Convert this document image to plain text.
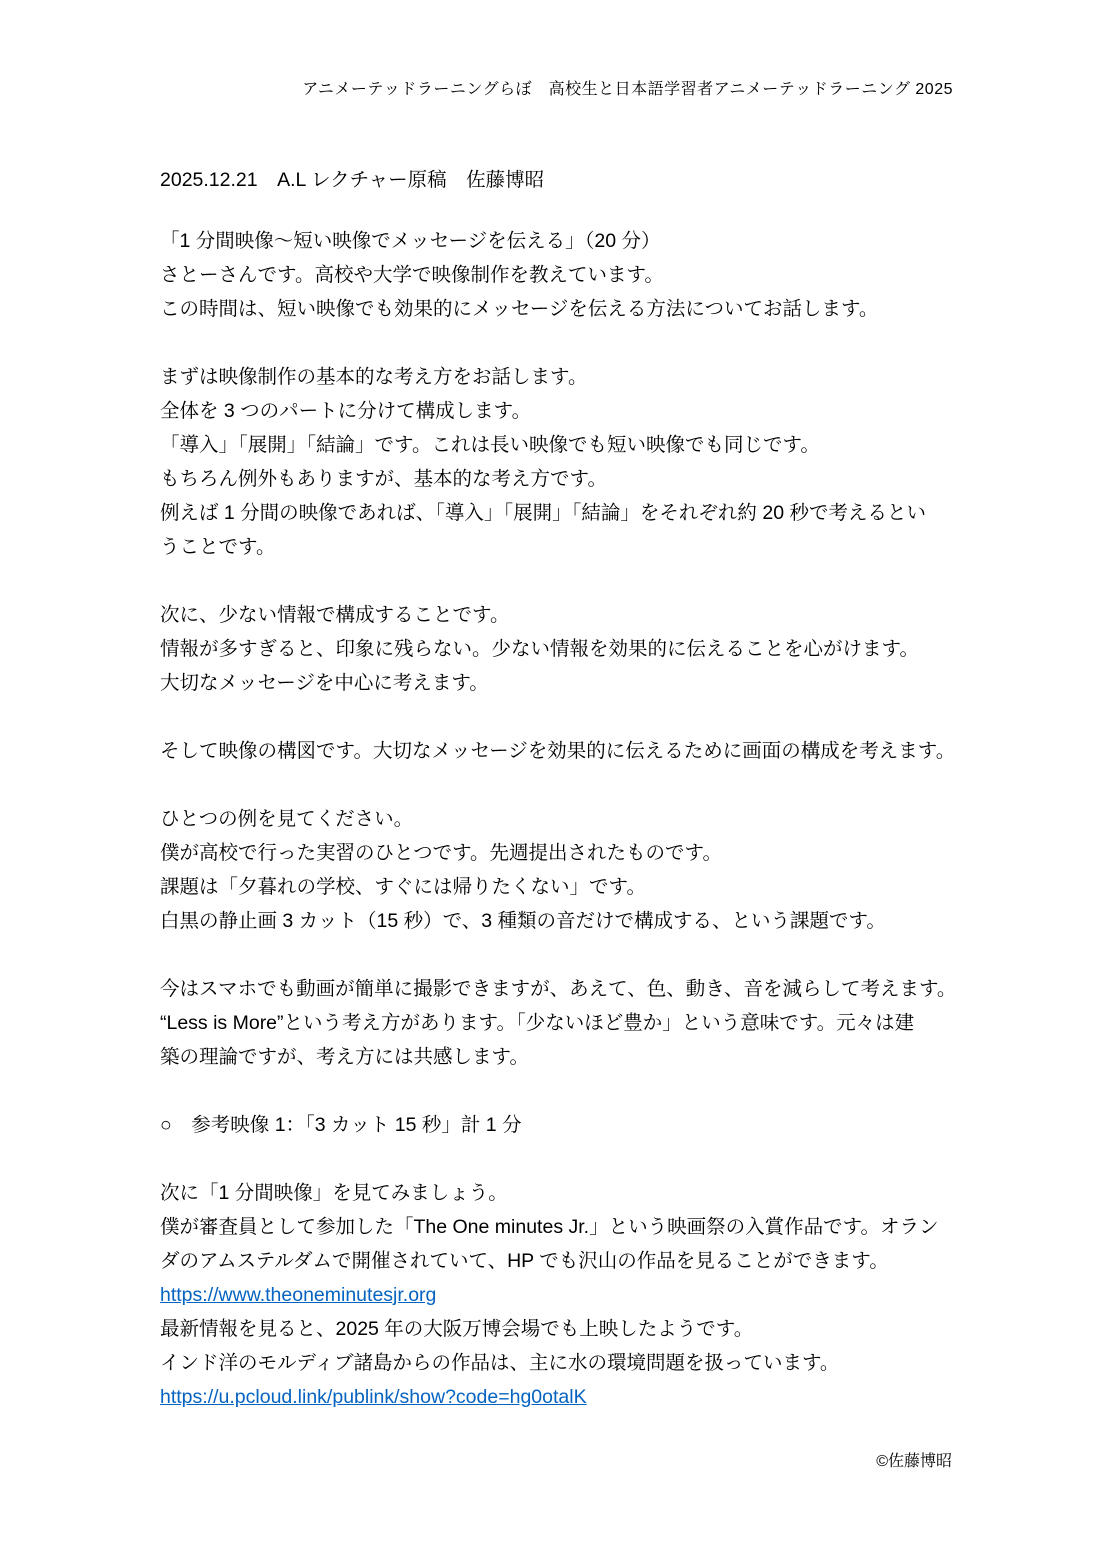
アニメーテッドラーニングらぼ　高校生と日本語学習者アニメーテッドラーニング 2025
2025.12.21　A.L レクチャー原稿　佐藤博昭
「1 分間映像～短い映像でメッセージを伝える」（20 分）
さとーさんです。高校や大学で映像制作を教えています。
この時間は、短い映像でも効果的にメッセージを伝える方法についてお話します。
まずは映像制作の基本的な考え方をお話します。
全体を 3 つのパートに分けて構成します。
「導入」「展開」「結論」です。これは長い映像でも短い映像でも同じです。
もちろん例外もありますが、基本的な考え方です。
例えば 1 分間の映像であれば、「導入」「展開」「結論」をそれぞれ約 20 秒で考えるとい
うことです。
次に、少ない情報で構成することです。
情報が多すぎると、印象に残らない。少ない情報を効果的に伝えることを心がけます。
大切なメッセージを中心に考えます。
そして映像の構図です。大切なメッセージを効果的に伝えるために画面の構成を考えます。
ひとつの例を見てください。
僕が高校で行った実習のひとつです。先週提出されたものです。
課題は「夕暮れの学校、すぐには帰りたくない」です。
白黒の静止画 3 カット（15 秒）で、3 種類の音だけで構成する、という課題です。
今はスマホでも動画が簡単に撮影できますが、あえて、色、動き、音を減らして考えます。
“Less is More”という考え方があります。「少ないほど豊か」という意味です。元々は建
築の理論ですが、考え方には共感します。
○　参考映像 1：「3 カット 15 秒」計 1 分
次に「1 分間映像」を見てみましょう。
僕が審査員として参加した「The One minutes Jr.」という映画祭の入賞作品です。オラン
ダのアムステルダムで開催されていて、HP でも沢山の作品を見ることができます。
https://www.theoneminutesjr.org
最新情報を見ると、2025 年の大阪万博会場でも上映したようです。
インド洋のモルディブ諸島からの作品は、主に水の環境問題を扱っています。
https://u.pcloud.link/publink/show?code=hg0otalK
©佐藤博昭
